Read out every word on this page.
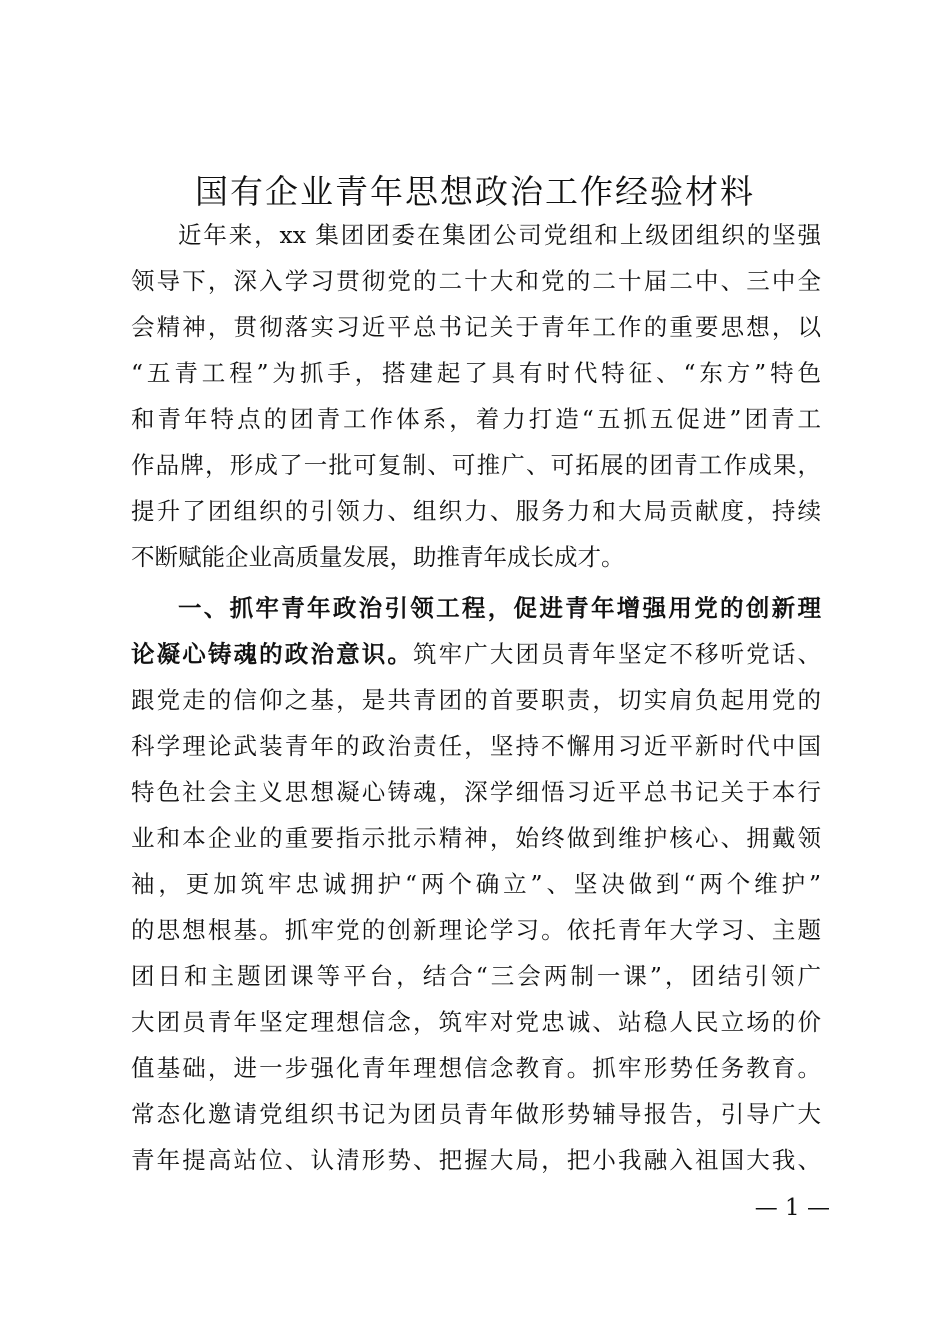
国有企业青年思想政治工作经验材料
近年来，xx 集团团委在集团公司党组和上级团组织的坚强
领导下，深入学习贯彻党的二十大和党的二十届二中、三中全
会精神，贯彻落实习近平总书记关于青年工作的重要思想，以
“五青工程”为抓手，搭建起了具有时代特征、“东方”特色
和青年特点的团青工作体系，着力打造“五抓五促进”团青工
作品牌，形成了一批可复制、可推广、可拓展的团青工作成果，
提升了团组织的引领力、组织力、服务力和大局贡献度，持续
不断赋能企业高质量发展，助推青年成长成才。
一、抓牢青年政治引领工程，促进青年增强用党的创新理
论凝心铸魂的政治意识。筑牢广大团员青年坚定不移听党话、
跟党走的信仰之基，是共青团的首要职责，切实肩负起用党的
科学理论武装青年的政治责任，坚持不懈用习近平新时代中国
特色社会主义思想凝心铸魂，深学细悟习近平总书记关于本行
业和本企业的重要指示批示精神，始终做到维护核心、拥戴领
袖，更加筑牢忠诚拥护“两个确立”、坚决做到“两个维护”
的思想根基。抓牢党的创新理论学习。依托青年大学习、主题
团日和主题团课等平台，结合“三会两制一课”，团结引领广
大团员青年坚定理想信念，筑牢对党忠诚、站稳人民立场的价
值基础，进一步强化青年理想信念教育。抓牢形势任务教育。
常态化邀请党组织书记为团员青年做形势辅导报告，引导广大
青年提高站位、认清形势、把握大局，把小我融入祖国大我、
— 1 —
